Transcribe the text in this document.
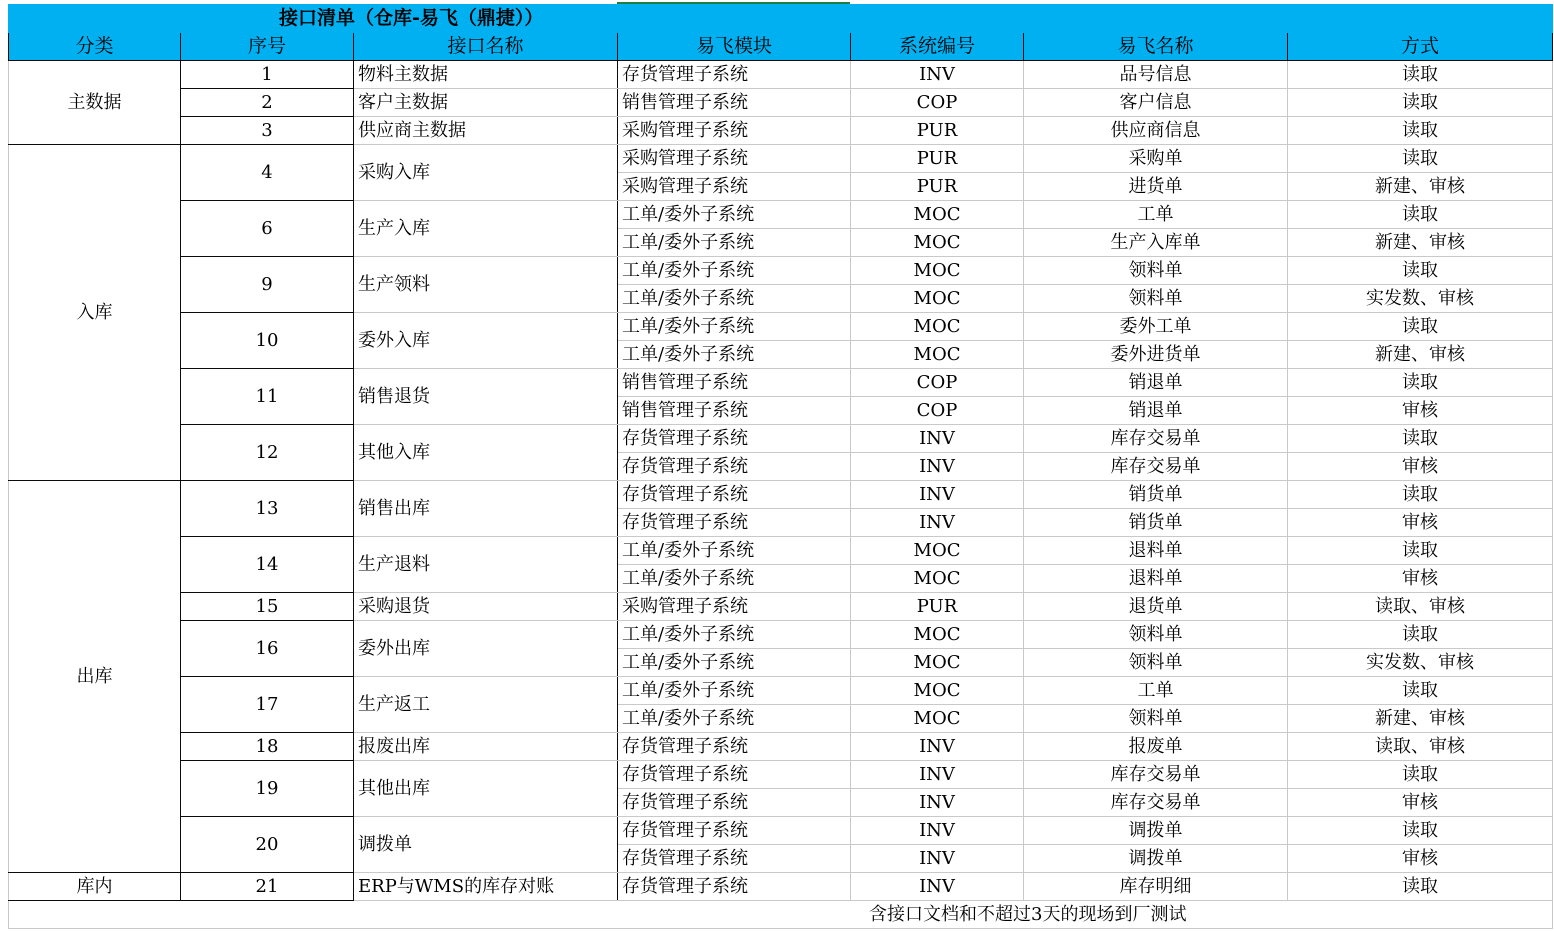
接口清单（仓库-易飞（鼎捷））						
分类	序号	接口名称	易飞模块	系统编号	易飞名称	方式
主数据	1	物料主数据	存货管理子系统	INV	品号信息	读取
	2	客户主数据	销售管理子系统	COP	客户信息	读取
	3	供应商主数据	采购管理子系统	PUR	供应商信息	读取
入库	4	采购入库	采购管理子系统	PUR	采购单	读取
			采购管理子系统	PUR	进货单	新建、审核
	6	生产入库	工单/委外子系统	MOC	工单	读取
			工单/委外子系统	MOC	生产入库单	新建、审核
	9	生产领料	工单/委外子系统	MOC	领料单	读取
			工单/委外子系统	MOC	领料单	实发数、审核
	10	委外入库	工单/委外子系统	MOC	委外工单	读取
			工单/委外子系统	MOC	委外进货单	新建、审核
	11	销售退货	销售管理子系统	COP	销退单	读取
			销售管理子系统	COP	销退单	审核
	12	其他入库	存货管理子系统	INV	库存交易单	读取
			存货管理子系统	INV	库存交易单	审核
出库	13	销售出库	存货管理子系统	INV	销货单	读取
			存货管理子系统	INV	销货单	审核
	14	生产退料	工单/委外子系统	MOC	退料单	读取
			工单/委外子系统	MOC	退料单	审核
	15	采购退货	采购管理子系统	PUR	退货单	读取、审核
	16	委外出库	工单/委外子系统	MOC	领料单	读取
			工单/委外子系统	MOC	领料单	实发数、审核
	17	生产返工	工单/委外子系统	MOC	工单	读取
			工单/委外子系统	MOC	领料单	新建、审核
	18	报废出库	存货管理子系统	INV	报废单	读取、审核
	19	其他出库	存货管理子系统	INV	库存交易单	读取
			存货管理子系统	INV	库存交易单	审核
	20	调拨单	存货管理子系统	INV	调拨单	读取
			存货管理子系统	INV	调拨单	审核
库内	21	ERP与WMS的库存对账	存货管理子系统	INV	库存明细	读取
含接口文档和不超过3天的现场到厂测试						
